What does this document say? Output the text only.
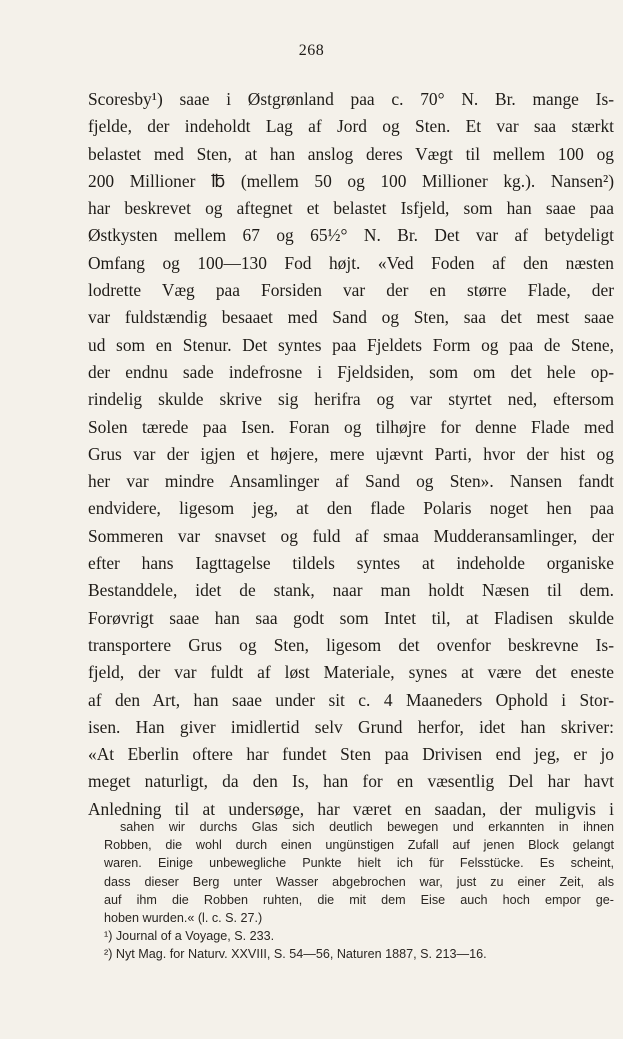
268
Scoresby¹) saae i Østgrønland paa c. 70° N. Br. mange Is-
fjelde, der indeholdt Lag af Jord og Sten. Et var saa stærkt
belastet med Sten, at han anslog deres Vægt til mellem 100 og
200 Millioner ℔ (mellem 50 og 100 Millioner kg.). Nansen²)
har beskrevet og aftegnet et belastet Isfjeld, som han saae paa
Østkysten mellem 67 og 65½° N. Br. Det var af betydeligt
Omfang og 100—130 Fod højt. «Ved Foden af den næsten
lodrette Væg paa Forsiden var der en større Flade, der
var fuldstændig besaaet med Sand og Sten, saa det mest saae
ud som en Stenur. Det syntes paa Fjeldets Form og paa de Stene,
der endnu sade indefrosne i Fjeldsiden, som om det hele op-
rindelig skulde skrive sig herifra og var styrtet ned, eftersom
Solen tærede paa Isen. Foran og tilhøjre for denne Flade med
Grus var der igjen et højere, mere ujævnt Parti, hvor der hist og
her var mindre Ansamlinger af Sand og Sten». Nansen fandt
endvidere, ligesom jeg, at den flade Polaris noget hen paa
Sommeren var snavset og fuld af smaa Mudderansamlinger, der
efter hans Iagttagelse tildels syntes at indeholde organiske
Bestanddele, idet de stank, naar man holdt Næsen til dem.
Forøvrigt saae han saa godt som Intet til, at Fladisen skulde
transportere Grus og Sten, ligesom det ovenfor beskrevne Is-
fjeld, der var fuldt af løst Materiale, synes at være det eneste
af den Art, han saae under sit c. 4 Maaneders Ophold i Stor-
isen. Han giver imidlertid selv Grund herfor, idet han skriver:
«At Eberlin oftere har fundet Sten paa Drivisen end jeg, er jo
meget naturligt, da den Is, han for en væsentlig Del har havt
Anledning til at undersøge, har været en saadan, der muligvis i
sahen wir durchs Glas sich deutlich bewegen und erkannten in ihnen
Robben, die wohl durch einen ungünstigen Zufall auf jenen Block gelangt
waren. Einige unbewegliche Punkte hielt ich für Felsstücke. Es scheint,
dass dieser Berg unter Wasser abgebrochen war, just zu einer Zeit, als
auf ihm die Robben ruhten, die mit dem Eise auch hoch empor ge-
hoben wurden.« (l. c. S. 27.)
¹) Journal of a Voyage, S. 233.
²) Nyt Mag. for Naturv. XXVIII, S. 54—56, Naturen 1887, S. 213—16.
